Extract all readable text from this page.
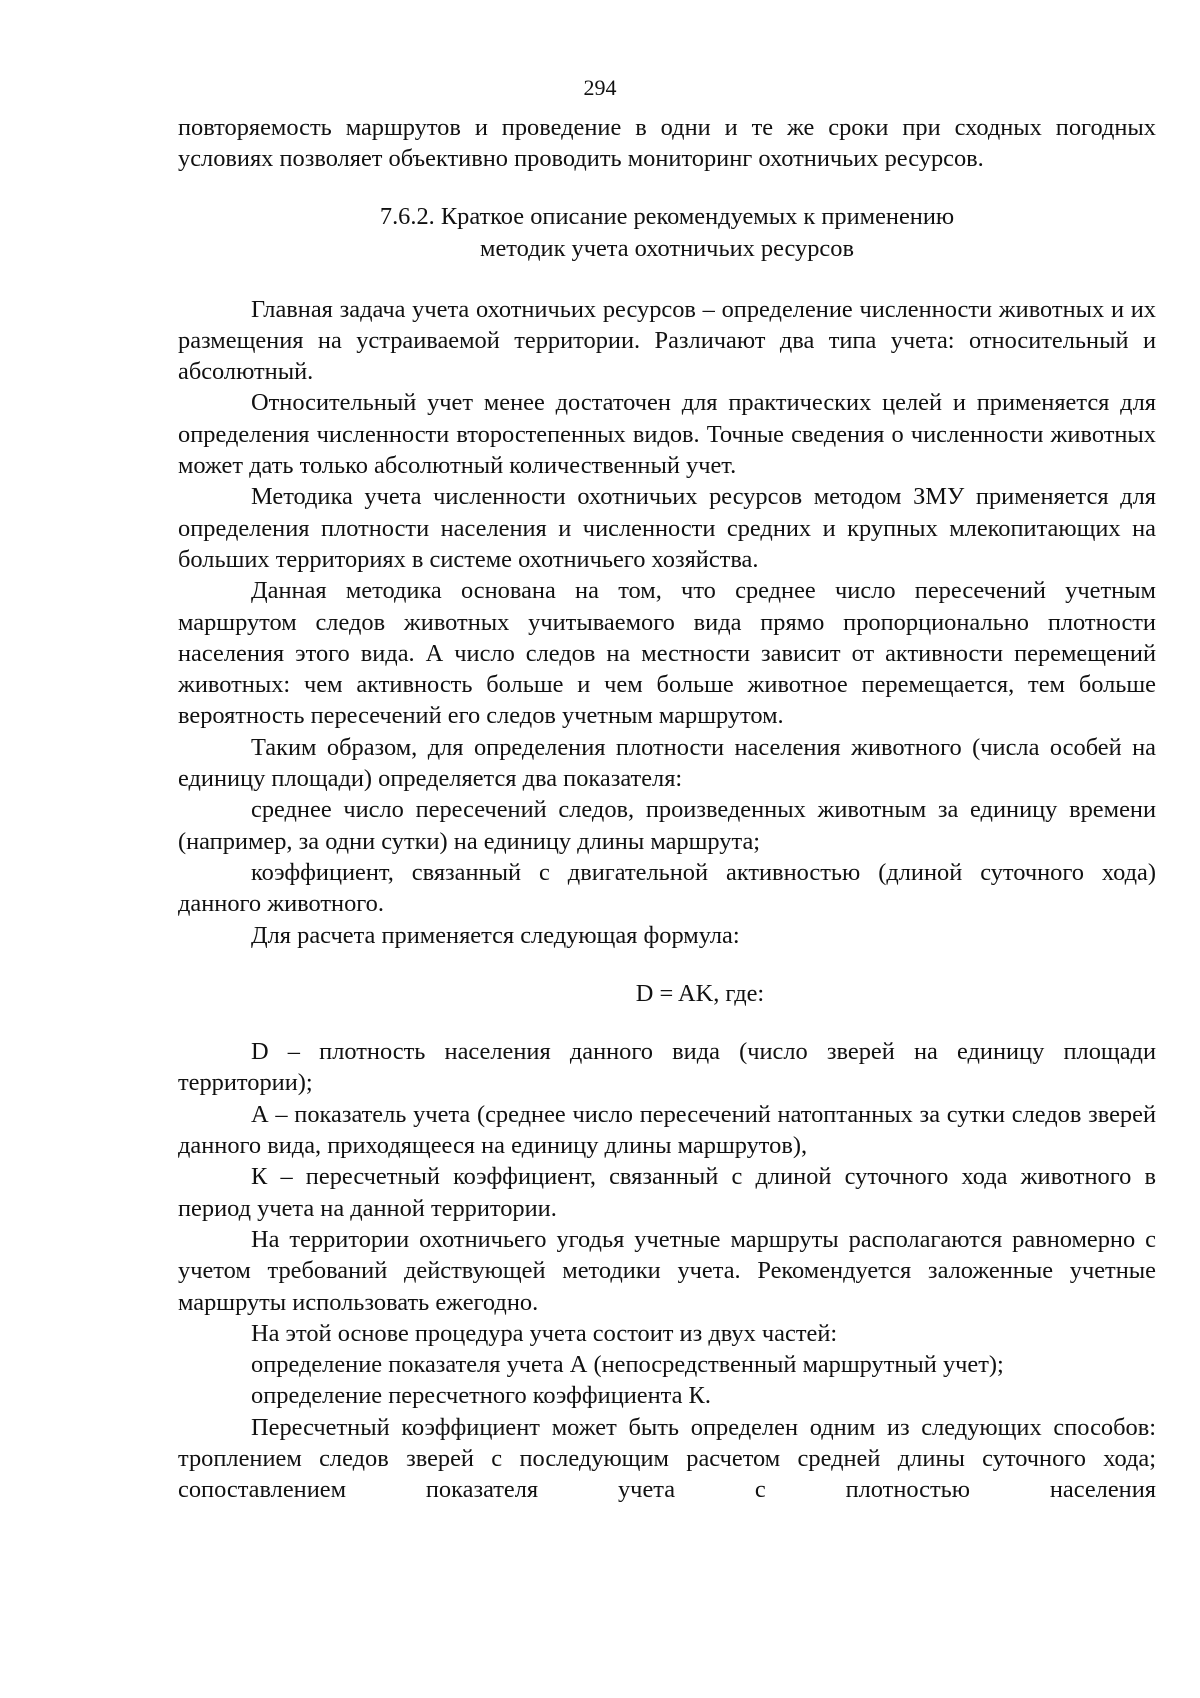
294

повторяемость маршрутов и проведение в одни и те же сроки при сходных погодных условиях позволяет объективно проводить мониторинг охотничьих ресурсов.

7.6.2. Краткое описание рекомендуемых к применению
методик учета охотничьих ресурсов

Главная задача учета охотничьих ресурсов – определение численности животных и их размещения на устраиваемой территории. Различают два типа учета: относительный и абсолютный.

Относительный учет менее достаточен для практических целей и применяется для определения численности второстепенных видов. Точные сведения о численности животных может дать только абсолютный количественный учет.

Методика учета численности охотничьих ресурсов методом ЗМУ применяется для определения плотности населения и численности средних и крупных млекопитающих на больших территориях в системе охотничьего хозяйства.

Данная методика основана на том, что среднее число пересечений учетным маршрутом следов животных учитываемого вида прямо пропорционально плотности населения этого вида. А число следов на местности зависит от активности перемещений животных: чем активность больше и чем больше животное перемещается, тем больше вероятность пересечений его следов учетным маршрутом.

Таким образом, для определения плотности населения животного (числа особей на единицу площади) определяется два показателя:

среднее число пересечений следов, произведенных животным за единицу времени (например, за одни сутки) на единицу длины маршрута;

коэффициент, связанный с двигательной активностью (длиной суточного хода) данного животного.

Для расчета применяется следующая формула:

D = AK, где:

D – плотность населения данного вида (число зверей на единицу площади территории);

А – показатель учета (среднее число пересечений натоптанных за сутки следов зверей данного вида, приходящееся на единицу длины маршрутов),

К – пересчетный коэффициент, связанный с длиной суточного хода животного в период учета на данной территории.

На территории охотничьего угодья учетные маршруты располагаются равномерно с учетом требований действующей методики учета. Рекомендуется заложенные учетные маршруты использовать ежегодно.

На этой основе процедура учета состоит из двух частей:

определение показателя учета А (непосредственный маршрутный учет);

определение пересчетного коэффициента К.

Пересчетный коэффициент может быть определен одним из следующих способов: троплением следов зверей с последующим расчетом средней длины суточного хода; сопоставлением показателя учета с плотностью населения
